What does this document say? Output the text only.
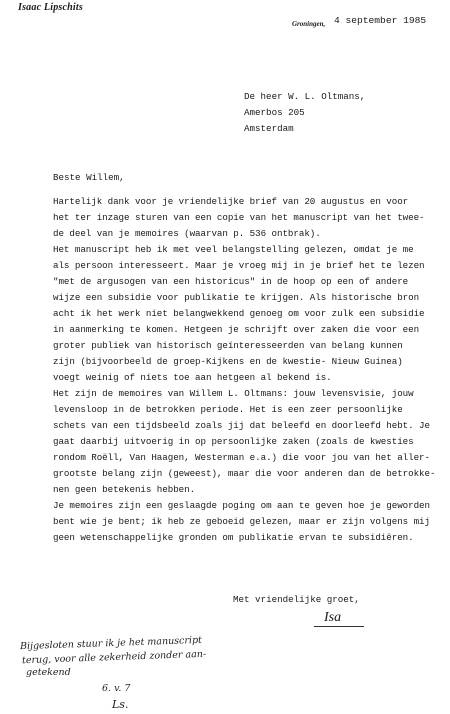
Isaac Lipschits
Groningen, 4 september 1985
De heer W. L. Oltmans,
Amerbos 205
Amsterdam
Beste Willem,
Hartelijk dank voor je vriendelijke brief van 20 augustus en voor
het ter inzage sturen van een copie van het manuscript van het twee-
de deel van je memoires (waarvan p. 536 ontbrak).
Het manuscript heb ik met veel belangstelling gelezen, omdat je me
als persoon interesseert. Maar je vroeg mij in je brief het te lezen
"met de argusogen van een historicus" in de hoop op een of andere
wijze een subsidie voor publikatie te krijgen. Als historische bron
acht ik het werk niet belangwekkend genoeg om voor zulk een subsidie
in aanmerking te komen. Hetgeen je schrijft over zaken die voor een
groter publiek van historisch geïnteresseerden van belang kunnen
zijn (bijvoorbeeld de groep-Kijkens en de kwestie- Nieuw Guinea)
voegt weinig of niets toe aan hetgeen al bekend is.
Het zijn de memoires van Willem L. Oltmans: jouw levensvisie, jouw
levensloop in de betrokken periode. Het is een zeer persoonlijke
schets van een tijdsbeeld zoals jij dat beleefd en doorleefd hebt. Je
gaat daarbij uitvoerig in op persoonlijke zaken (zoals de kwesties
rondom Roëll, Van Haagen, Westerman e.a.) die voor jou van het aller-
grootste belang zijn (geweest), maar die voor anderen dan de betrokke-
nen geen betekenis hebben.
Je memoires zijn een geslaagde poging om aan te geven hoe je geworden
bent wie je bent; ik heb ze geboeid gelezen, maar er zijn volgens mij
geen wetenschappelijke gronden om publikatie ervan te subsidiëren.
Met vriendelijke groet,
Isa
Bijgesloten stuur ik je het manuscript
terug, voor alle zekerheid zonder aan-
getekend
6. v. 7
Ls.
